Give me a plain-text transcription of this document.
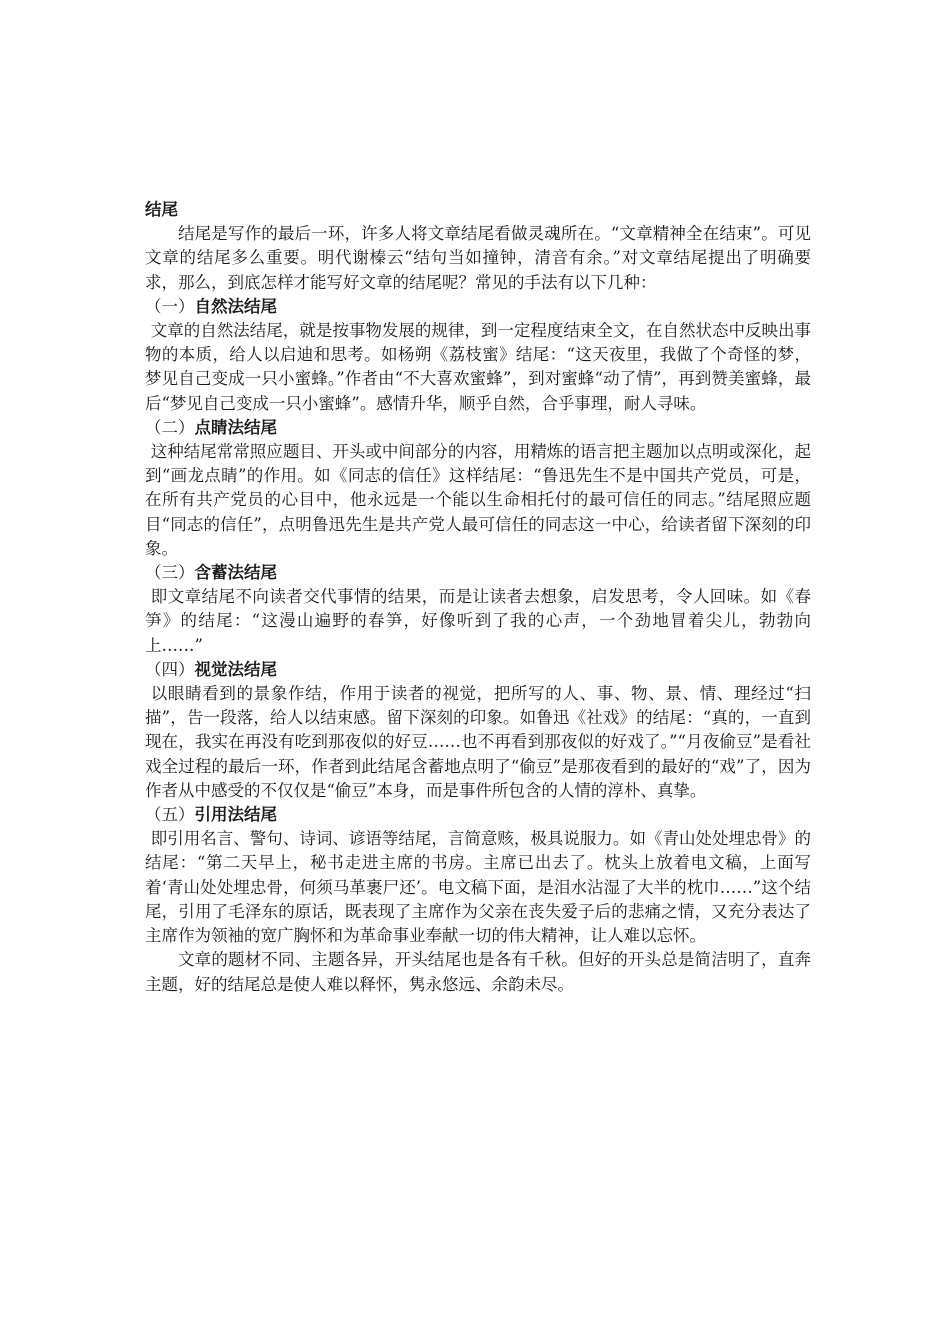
结尾

结尾是写作的最后一环，许多人将文章结尾看做灵魂所在。“文章精神全在结束”。可见文章的结尾多么重要。明代谢榛云“结句当如撞钟，清音有余。”对文章结尾提出了明确要求，那么，到底怎样才能写好文章的结尾呢？常见的手法有以下几种：

（一）自然法结尾

文章的自然法结尾，就是按事物发展的规律，到一定程度结束全文，在自然状态中反映出事物的本质，给人以启迪和思考。如杨朔《荔枝蜜》结尾：“这天夜里，我做了个奇怪的梦，梦见自己变成一只小蜜蜂。”作者由“不大喜欢蜜蜂”，到对蜜蜂“动了情”，再到赞美蜜蜂，最后“梦见自己变成一只小蜜蜂”。感情升华，顺乎自然，合乎事理，耐人寻味。

（二）点睛法结尾

这种结尾常常照应题目、开头或中间部分的内容，用精炼的语言把主题加以点明或深化，起到“画龙点睛”的作用。如《同志的信任》这样结尾：“鲁迅先生不是中国共产党员，可是，在所有共产党员的心目中，他永远是一个能以生命相托付的最可信任的同志。”结尾照应题目“同志的信任”，点明鲁迅先生是共产党人最可信任的同志这一中心，给读者留下深刻的印象。

（三）含蓄法结尾

即文章结尾不向读者交代事情的结果，而是让读者去想象，启发思考，令人回味。如《春笋》的结尾：“这漫山遍野的春笋，好像听到了我的心声，一个劲地冒着尖儿，勃勃向上……”

（四）视觉法结尾

以眼睛看到的景象作结，作用于读者的视觉，把所写的人、事、物、景、情、理经过“扫描”，告一段落，给人以结束感。留下深刻的印象。如鲁迅《社戏》的结尾：“真的，一直到现在，我实在再没有吃到那夜似的好豆……也不再看到那夜似的好戏了。”“月夜偷豆”是看社戏全过程的最后一环，作者到此结尾含蓄地点明了“偷豆”是那夜看到的最好的“戏”了，因为作者从中感受的不仅仅是“偷豆”本身，而是事件所包含的人情的淳朴、真挚。

（五）引用法结尾

即引用名言、警句、诗词、谚语等结尾，言简意赅，极具说服力。如《青山处处埋忠骨》的结尾：“第二天早上，秘书走进主席的书房。主席已出去了。枕头上放着电文稿，上面写着‘青山处处埋忠骨，何须马革裹尸还’。电文稿下面，是泪水沾湿了大半的枕巾……”这个结尾，引用了毛泽东的原话，既表现了主席作为父亲在丧失爱子后的悲痛之情，又充分表达了主席作为领袖的宽广胸怀和为革命事业奉献一切的伟大精神，让人难以忘怀。

文章的题材不同、主题各异，开头结尾也是各有千秋。但好的开头总是简洁明了，直奔主题，好的结尾总是使人难以释怀，隽永悠远、余韵未尽。
